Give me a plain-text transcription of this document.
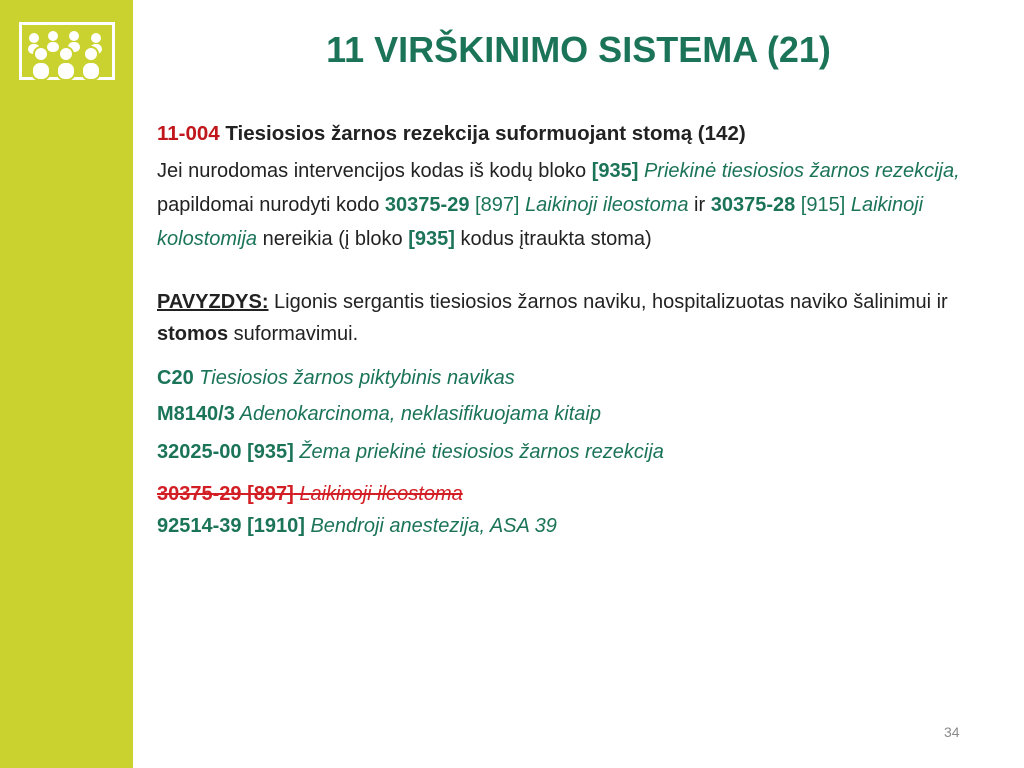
11 VIRŠKINIMO SISTEMA (21)

11-004 Tiesiosios žarnos rezekcija suformuojant stomą (142)

Jei nurodomas intervencijos kodas iš kodų bloko [935] Priekinė tiesiosios žarnos rezekcija, papildomai nurodyti kodo 30375-29 [897] Laikinoji ileostoma ir 30375-28 [915] Laikinoji kolostomija nereikia (į bloko [935] kodus įtraukta stoma)

PAVYZDYS: Ligonis sergantis tiesiosios žarnos naviku, hospitalizuotas naviko šalinimui ir stomos suformavimui.

C20 Tiesiosios žarnos piktybinis navikas

M8140/3 Adenokarcinoma, neklasifikuojama kitaip

32025-00 [935] Žema priekinė tiesiosios žarnos rezekcija

30375-29 [897] Laikinoji ileostoma

92514-39 [1910] Bendroji anestezija, ASA 39

34
